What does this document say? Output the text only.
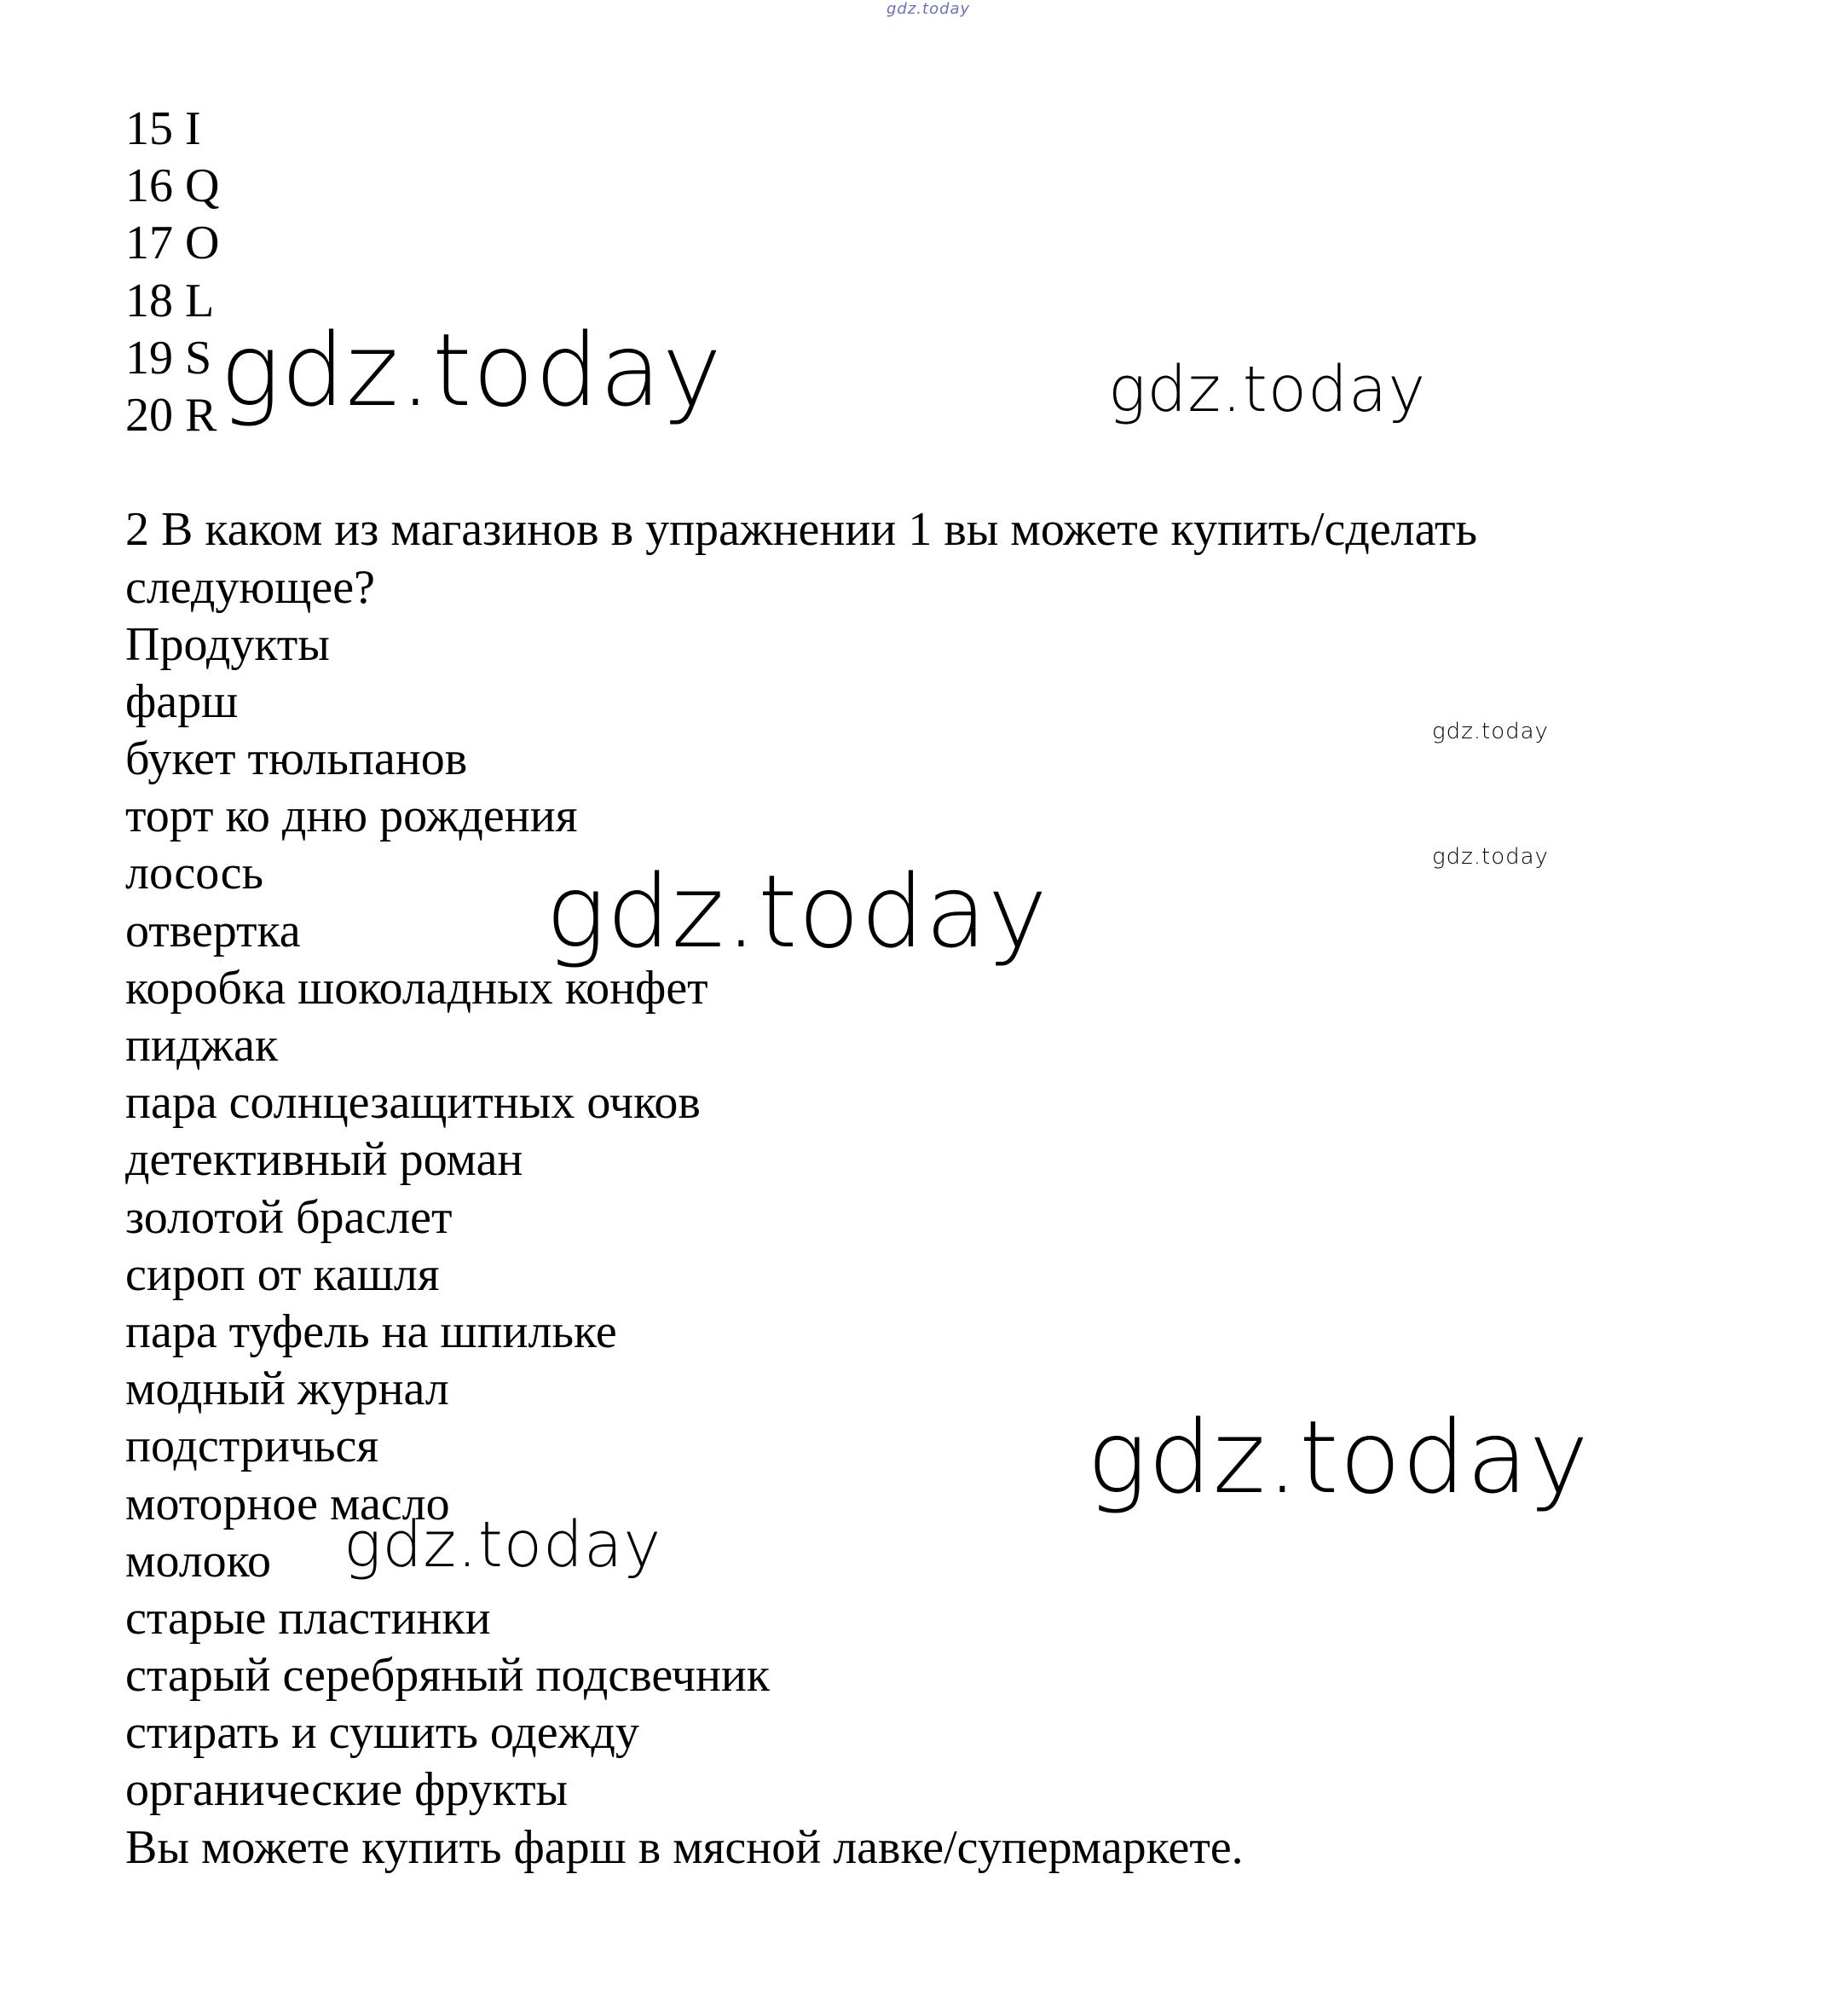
gdz.today
15 I
16 Q
17 O
18 L
19 S
20 R
2 В каком из магазинов в упражнении 1 вы можете купить/сделать
следующее?
Продукты
фарш
букет тюльпанов
торт ко дню рождения
лосось
отвертка
коробка шоколадных конфет
пиджак
пара солнцезащитных очков
детективный роман
золотой браслет
сироп от кашля
пара туфель на шпильке
модный журнал
подстричься
моторное масло
молоко
старые пластинки
старый серебряный подсвечник
стирать и сушить одежду
органические фрукты
Вы можете купить фарш в мясной лавке/супермаркете.
gdz.today	gdz.today
gdz.today
gdz.today
gdz.today
gdz.today
gdz.today
